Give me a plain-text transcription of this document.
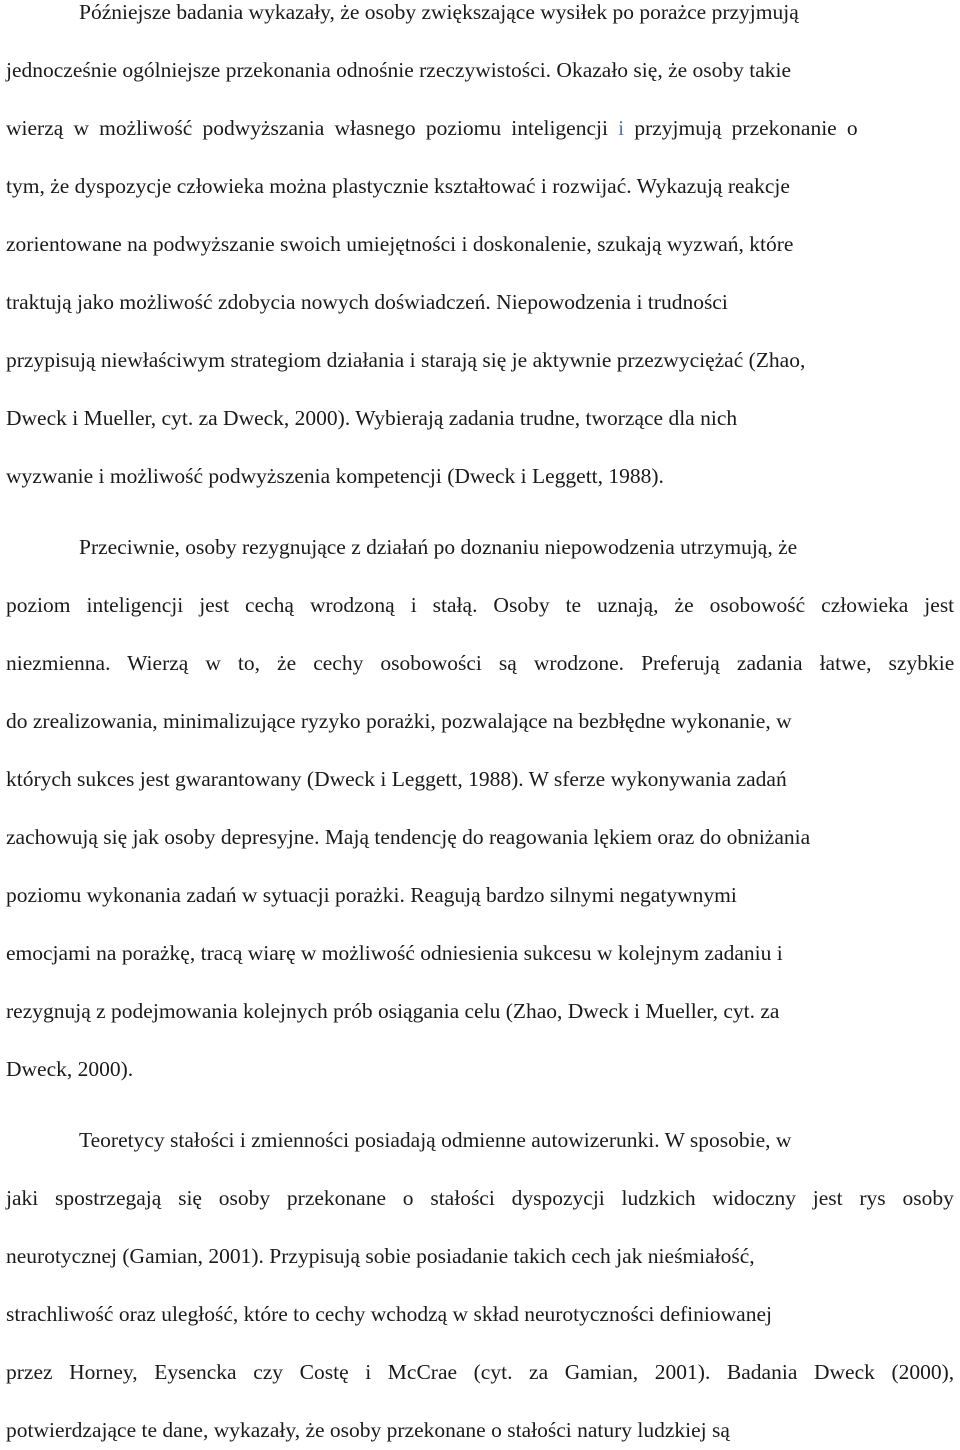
Późniejsze badania wykazały, że osoby zwiększające wysiłek po porażce przyjmują
jednocześnie ogólniejsze przekonania odnośnie rzeczywistości. Okazało się, że osoby takie
wierzą w możliwość podwyższania własnego poziomu inteligencji i przyjmują przekonanie o
tym, że dyspozycje człowieka można plastycznie kształtować i rozwijać. Wykazują reakcje
zorientowane na podwyższanie swoich umiejętności i doskonalenie, szukają wyzwań, które
traktują jako możliwość zdobycia nowych doświadczeń. Niepowodzenia i trudności
przypisują niewłaściwym strategiom działania i starają się je aktywnie przezwyciężać (Zhao,
Dweck i Mueller, cyt. za Dweck, 2000). Wybierają zadania trudne, tworzące dla nich
wyzwanie i możliwość podwyższenia kompetencji (Dweck i Leggett, 1988).
Przeciwnie, osoby rezygnujące z działań po doznaniu niepowodzenia utrzymują, że
poziom inteligencji jest cechą wrodzoną i stałą. Osoby te uznają, że osobowość człowieka jest
niezmienna. Wierzą w to, że cechy osobowości są wrodzone. Preferują zadania łatwe, szybkie
do zrealizowania, minimalizujące ryzyko porażki, pozwalające na bezbłędne wykonanie, w
których sukces jest gwarantowany (Dweck i Leggett, 1988). W sferze wykonywania zadań
zachowują się jak osoby depresyjne. Mają tendencję do reagowania lękiem oraz do obniżania
poziomu wykonania zadań w sytuacji porażki. Reagują bardzo silnymi negatywnymi
emocjami na porażkę, tracą wiarę w możliwość odniesienia sukcesu w kolejnym zadaniu i
rezygnują z podejmowania kolejnych prób osiągania celu (Zhao, Dweck i Mueller, cyt. za
Dweck, 2000).
Teoretycy stałości i zmienności posiadają odmienne autowizerunki. W sposobie, w
jaki spostrzegają się osoby przekonane o stałości dyspozycji ludzkich widoczny jest rys osoby
neurotycznej (Gamian, 2001). Przypisują sobie posiadanie takich cech jak nieśmiałość,
strachliwość oraz uległość, które to cechy wchodzą w skład neurotyczności definiowanej
przez Horney, Eysencka czy Costę i McCrae (cyt. za Gamian, 2001). Badania Dweck (2000),
potwierdzające te dane, wykazały, że osoby przekonane o stałości natury ludzkiej są
